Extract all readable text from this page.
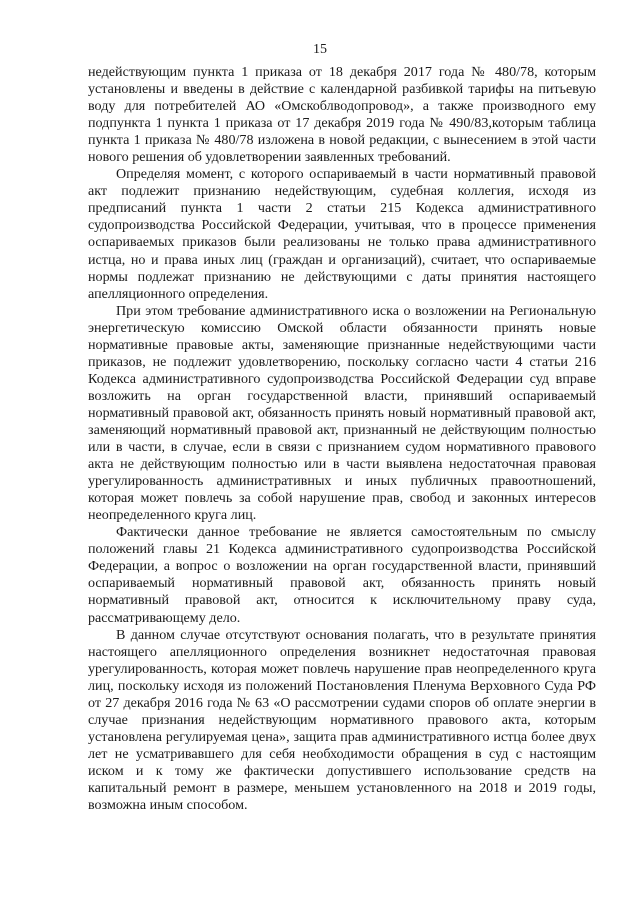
15

недействующим пункта 1 приказа от 18 декабря 2017 года № 480/78, которым установлены и введены в действие с календарной разбивкой тарифы на питьевую воду для потребителей АО «Омскоблводопровод», а также производного ему подпункта 1 пункта 1 приказа от 17 декабря 2019 года № 490/83,которым таблица пункта 1 приказа № 480/78 изложена в новой редакции, с вынесением в этой части нового решения об удовлетворении заявленных требований.

Определяя момент, с которого оспариваемый в части нормативный правовой акт подлежит признанию недействующим, судебная коллегия, исходя из предписаний пункта 1 части 2 статьи 215 Кодекса административного судопроизводства Российской Федерации, учитывая, что в процессе применения оспариваемых приказов были реализованы не только права административного истца, но и права иных лиц (граждан и организаций), считает, что оспариваемые нормы подлежат признанию не действующими с даты принятия настоящего апелляционного определения.

При этом требование административного иска о возложении на Региональную энергетическую комиссию Омской области обязанности принять новые нормативные правовые акты, заменяющие признанные недействующими части приказов, не подлежит удовлетворению, поскольку согласно части 4 статьи 216 Кодекса административного судопроизводства Российской Федерации суд вправе возложить на орган государственной власти, принявший оспариваемый нормативный правовой акт, обязанность принять новый нормативный правовой акт, заменяющий нормативный правовой акт, признанный не действующим полностью или в части, в случае, если в связи с признанием судом нормативного правового акта не действующим полностью или в части выявлена недостаточная правовая урегулированность административных и иных публичных правоотношений, которая может повлечь за собой нарушение прав, свобод и законных интересов неопределенного круга лиц.

Фактически данное требование не является самостоятельным по смыслу положений главы 21 Кодекса административного судопроизводства Российской Федерации, а вопрос о возложении на орган государственной власти, принявший оспариваемый нормативный правовой акт, обязанность принять новый нормативный правовой акт, относится к исключительному праву суда, рассматривающему дело.

В данном случае отсутствуют основания полагать, что в результате принятия настоящего апелляционного определения возникнет недостаточная правовая урегулированность, которая может повлечь нарушение прав неопределенного круга лиц, поскольку исходя из положений Постановления Пленума Верховного Суда РФ от 27 декабря 2016 года № 63 «О рассмотрении судами споров об оплате энергии в случае признания недействующим нормативного правового акта, которым установлена регулируемая цена», защита прав административного истца более двух лет не усматривавшего для себя необходимости обращения в суд с настоящим иском и к тому же фактически допустившего использование средств на капитальный ремонт в размере, меньшем установленного на 2018 и 2019 годы, возможна иным способом.
